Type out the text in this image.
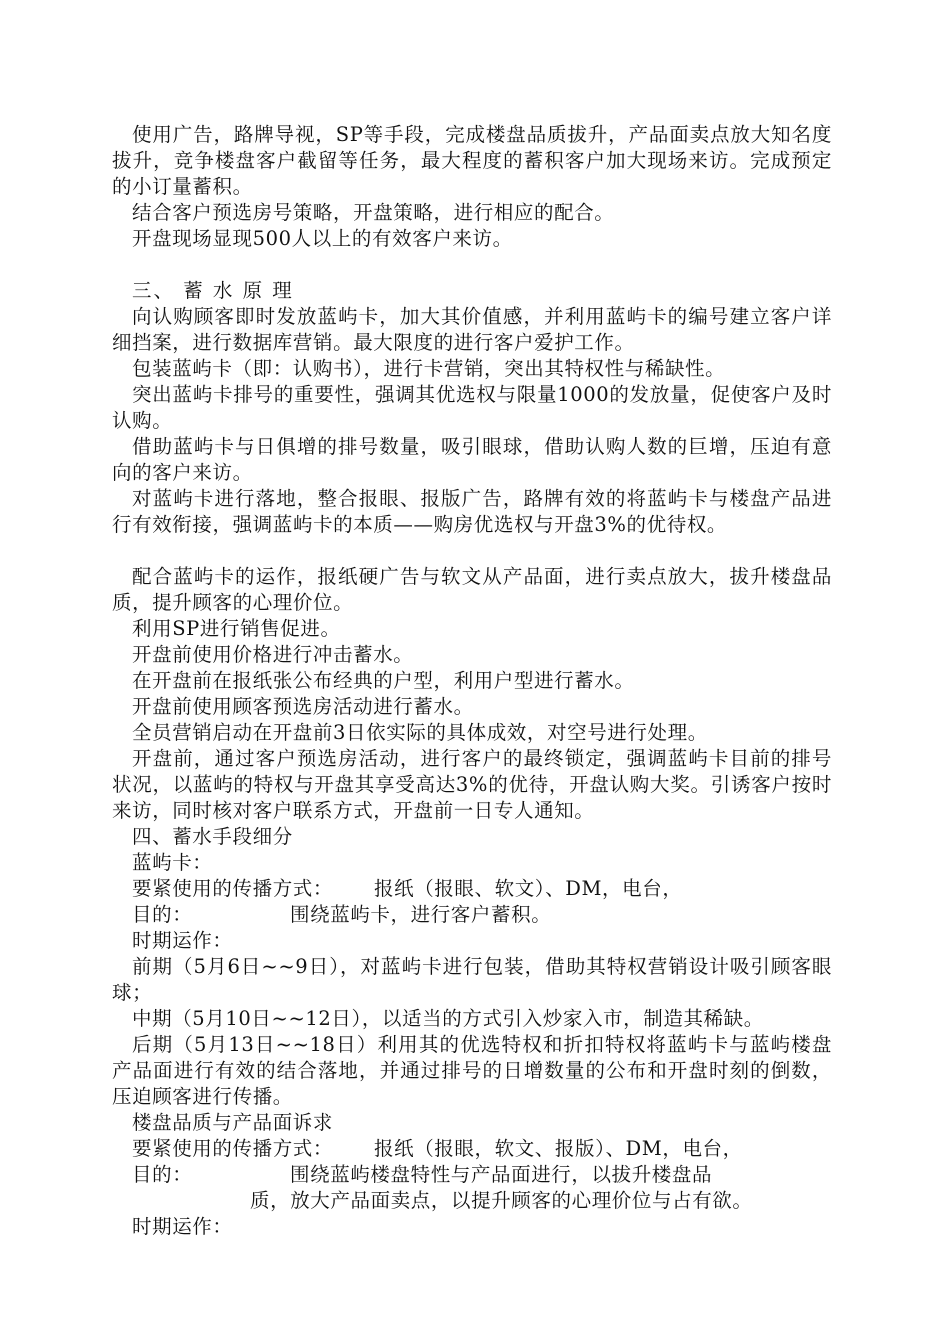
使用广告，路牌导视，SP等手段，完成楼盘品质拔升，产品面卖点放大知名度拔升，竞争楼盘客户截留等任务，最大程度的蓄积客户加大现场来访。完成预定的小订量蓄积。

结合客户预选房号策略，开盘策略，进行相应的配合。

开盘现场显现500人以上的有效客户来访。

三、 蓄 水 原 理

向认购顾客即时发放蓝屿卡，加大其价值感，并利用蓝屿卡的编号建立客户详细挡案，进行数据库营销。最大限度的进行客户爱护工作。

包装蓝屿卡（即：认购书），进行卡营销，突出其特权性与稀缺性。

突出蓝屿卡排号的重要性，强调其优选权与限量1000的发放量，促使客户及时认购。

借助蓝屿卡与日俱增的排号数量，吸引眼球，借助认购人数的巨增，压迫有意向的客户来访。

对蓝屿卡进行落地，整合报眼、报版广告，路牌有效的将蓝屿卡与楼盘产品进行有效衔接，强调蓝屿卡的本质——购房优选权与开盘3%的优待权。

配合蓝屿卡的运作，报纸硬广告与软文从产品面，进行卖点放大，拔升楼盘品质，提升顾客的心理价位。

利用SP进行销售促进。

开盘前使用价格进行冲击蓄水。

在开盘前在报纸张公布经典的户型，利用户型进行蓄水。

开盘前使用顾客预选房活动进行蓄水。

全员营销启动在开盘前3日依实际的具体成效，对空号进行处理。

开盘前，通过客户预选房活动，进行客户的最终锁定，强调蓝屿卡目前的排号状况，以蓝屿的特权与开盘其享受高达3%的优待，开盘认购大奖。引诱客户按时来访，同时核对客户联系方式，开盘前一日专人通知。

四、蓄水手段细分

蓝屿卡：

要紧使用的传播方式： 报纸（报眼、软文）、DM，电台，

目的：	围绕蓝屿卡，进行客户蓄积。

时期运作：

前期（5月6日~~9日），对蓝屿卡进行包装，借助其特权营销设计吸引顾客眼球；

中期（5月10日~~12日），以适当的方式引入炒家入市，制造其稀缺。

后期（5月13日~~18日）利用其的优选特权和折扣特权将蓝屿卡与蓝屿楼盘产品面进行有效的结合落地，并通过排号的日增数量的公布和开盘时刻的倒数，压迫顾客进行传播。

楼盘品质与产品面诉求

要紧使用的传播方式： 报纸（报眼，软文、报版）、DM，电台，

目的：	围绕蓝屿楼盘特性与产品面进行，以拔升楼盘品

质，放大产品面卖点，以提升顾客的心理价位与占有欲。

时期运作：
